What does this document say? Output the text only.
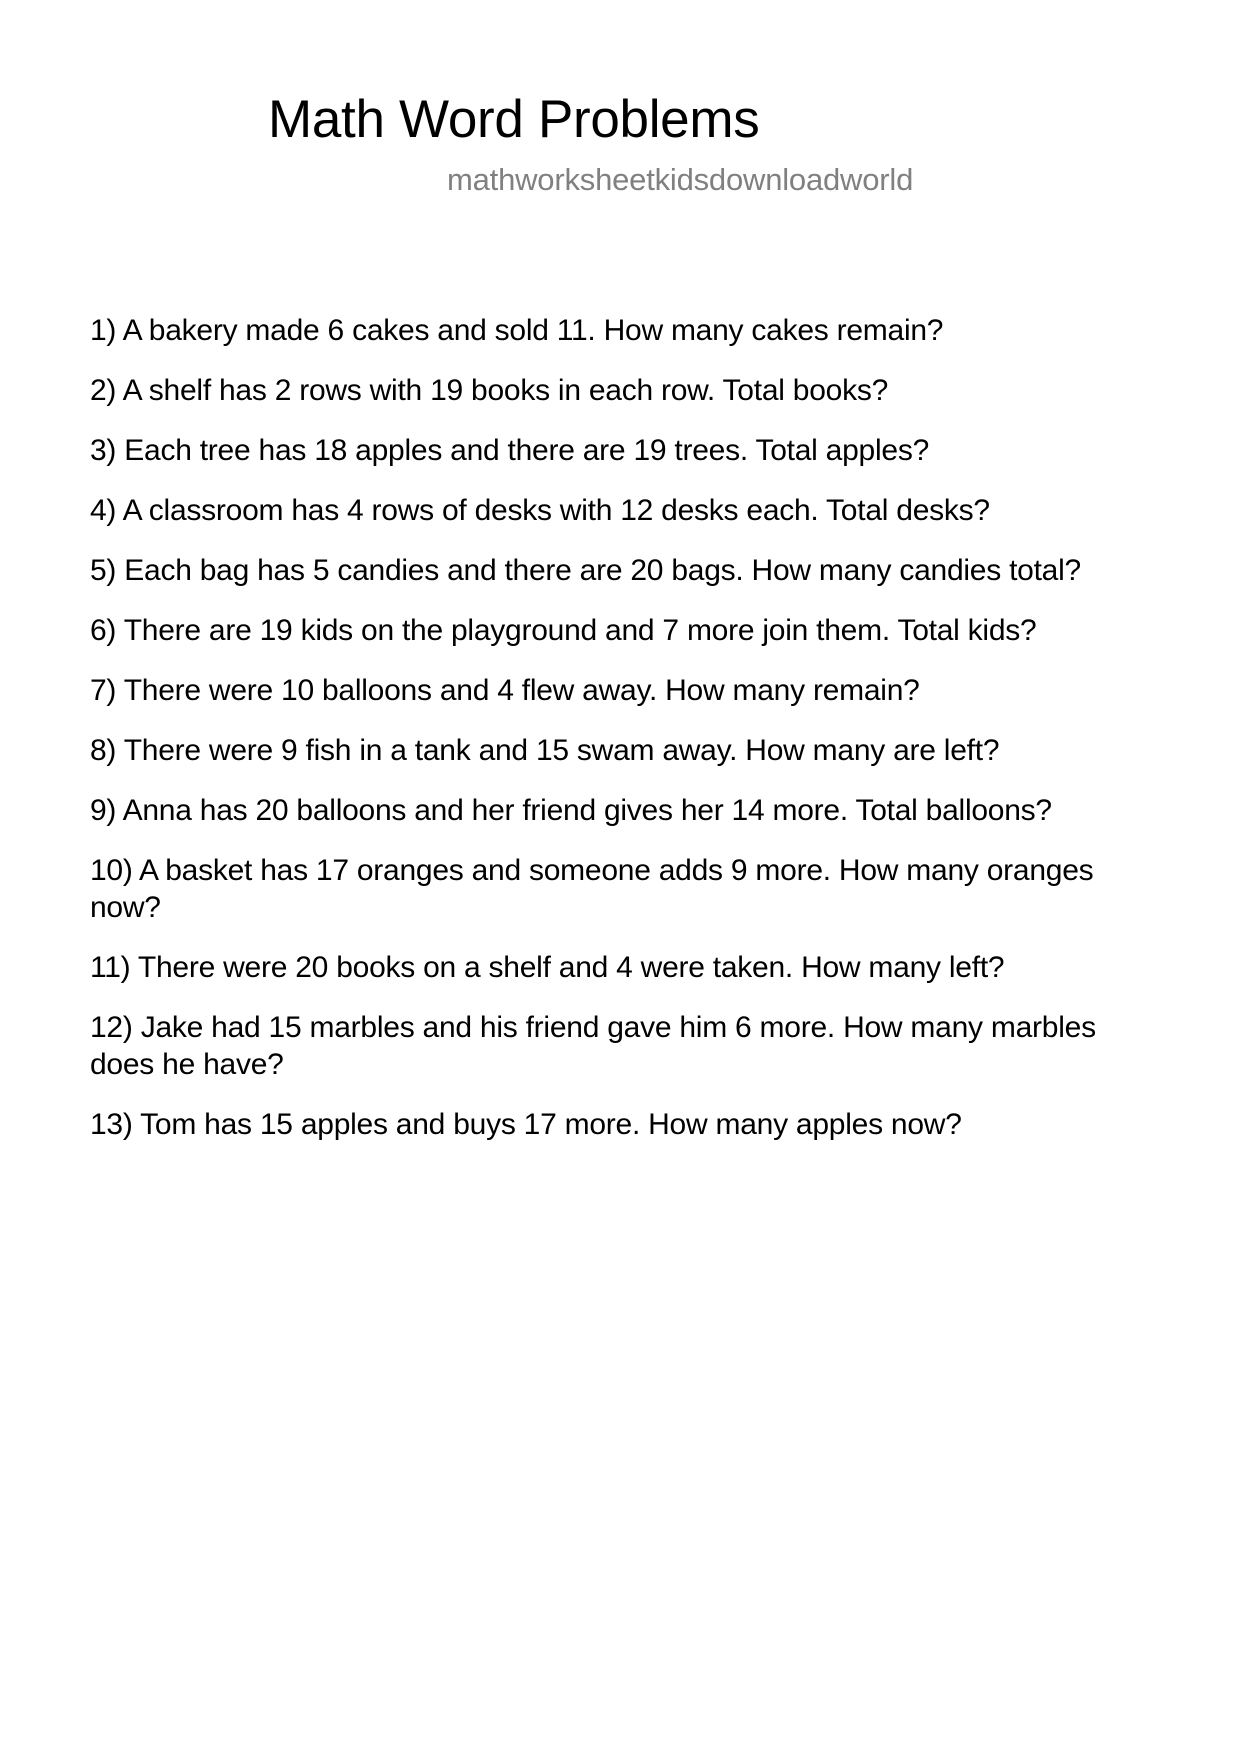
Math Word Problems
mathworksheetkidsdownloadworld
1) A bakery made 6 cakes and sold 11. How many cakes remain?
2) A shelf has 2 rows with 19 books in each row. Total books?
3) Each tree has 18 apples and there are 19 trees. Total apples?
4) A classroom has 4 rows of desks with 12 desks each. Total desks?
5) Each bag has 5 candies and there are 20 bags. How many candies total?
6) There are 19 kids on the playground and 7 more join them. Total kids?
7) There were 10 balloons and 4 flew away. How many remain?
8) There were 9 fish in a tank and 15 swam away. How many are left?
9) Anna has 20 balloons and her friend gives her 14 more. Total balloons?
10) A basket has 17 oranges and someone adds 9 more. How many oranges now?
11) There were 20 books on a shelf and 4 were taken. How many left?
12) Jake had 15 marbles and his friend gave him 6 more. How many marbles does he have?
13) Tom has 15 apples and buys 17 more. How many apples now?
